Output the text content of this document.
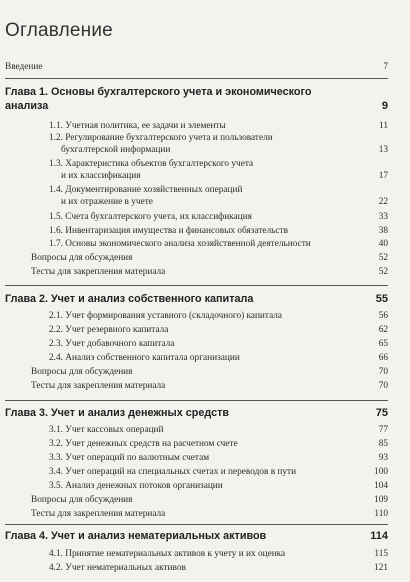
Оглавление
Введение	7
Глава 1. Основы бухгалтерского учета и экономического
анализа	9
1.1. Учетная политика, ее задачи и элементы	11
1.2. Регулирование бухгалтерского учета и пользователи
бухгалтерской информации	13
1.3. Характеристика объектов бухгалтерского учета
и их классификация	17
1.4. Документирование хозяйственных операций
и их отражение в учете	22
1.5. Счета бухгалтерского учета, их классификация	33
1.6. Инвентаризация имущества и финансовых обязательств	38
1.7. Основы экономического анализа хозяйственной деятельности	40
Вопросы для обсуждения	52
Тесты для закрепления материала	52
Глава 2. Учет и анализ собственного капитала	55
2.1. Учет формирования уставного (складочного) капитала	56
2.2. Учет резервного капитала	62
2.3. Учет добавочного капитала	65
2.4. Анализ собственного капитала организации	66
Вопросы для обсуждения	70
Тесты для закрепления материала	70
Глава 3. Учет и анализ денежных средств	75
3.1. Учет кассовых операций	77
3.2. Учет денежных средств на расчетном счете	85
3.3. Учет операций по валютным счетам	93
3.4. Учет операций на специальных счетах и переводов в пути	100
3.5. Анализ денежных потоков организации	104
Вопросы для обсуждения	109
Тесты для закрепления материала	110
Глава 4. Учет и анализ нематериальных активов	114
4.1. Принятие нематериальных активов к учету и их оценка	115
4.2. Учет нематериальных активов	121
